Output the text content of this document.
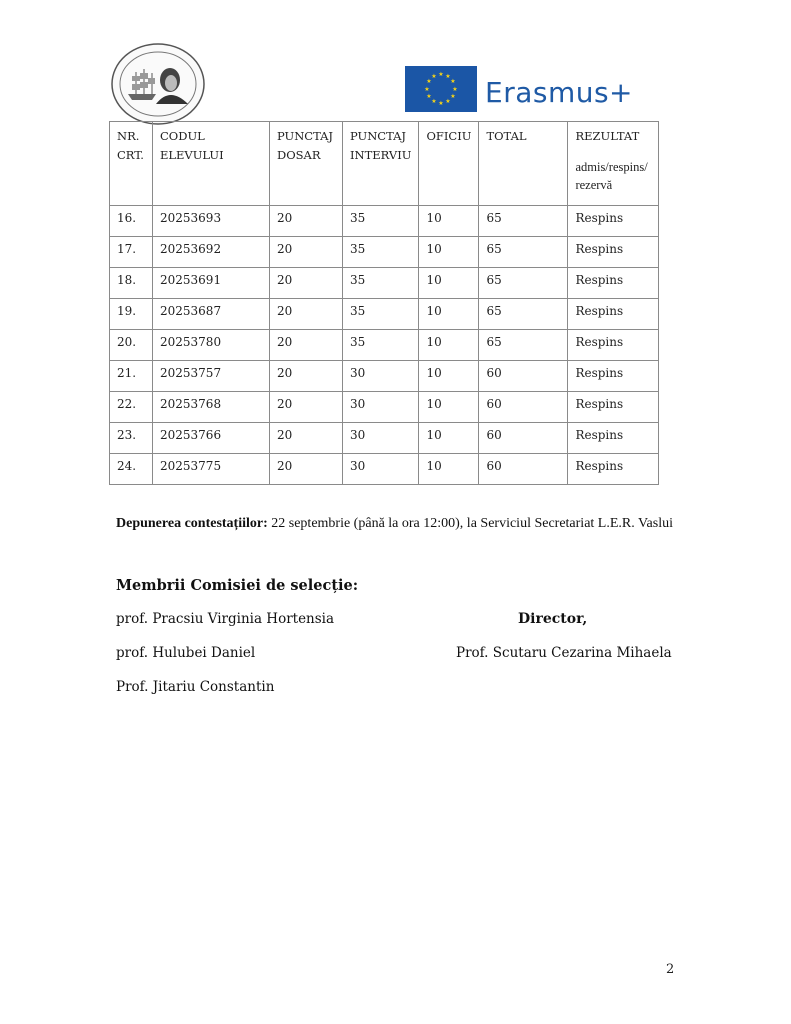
★ ★
★
★
★
★
★
★
★
★
★
★ Erasmus+
NR. CRT.	CODUL ELEVULUI	PUNCTAJ DOSAR	PUNCTAJ INTERVIU	OFICIU	TOTAL	REZULTAT
admis/respins/ rezervă

16.	20253693	20	35	10	65	Respins
17.	20253692	20	35	10	65	Respins
18.	20253691	20	35	10	65	Respins
19.	20253687	20	35	10	65	Respins
20.	20253780	20	35	10	65	Respins
21.	20253757	20	30	10	60	Respins
22.	20253768	20	30	10	60	Respins
23.	20253766	20	30	10	60	Respins
24.	20253775	20	30	10	60	Respins
Depunerea contestațiilor: 22 septembrie (până la ora 12:00), la Serviciul Secretariat L.E.R. Vaslui
Membrii Comisiei de selecție:
prof. Pracsiu Virginia Hortensia
prof. Hulubei Daniel
Prof. Jitariu Constantin
Director,
Prof. Scutaru Cezarina Mihaela
2
